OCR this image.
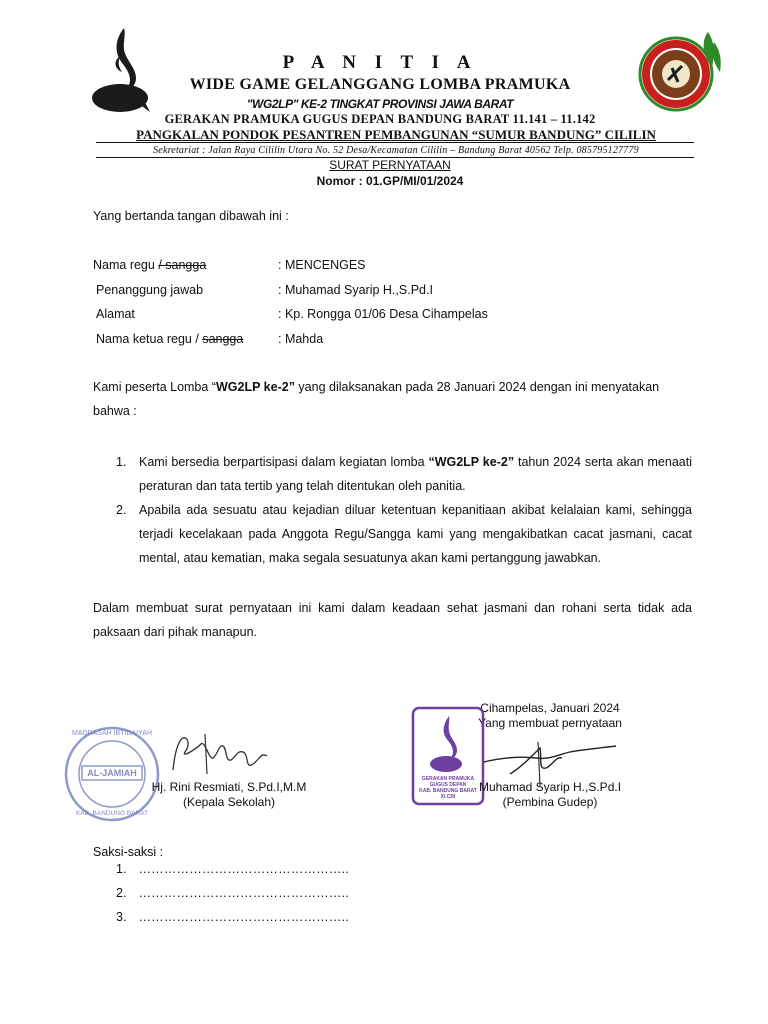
P A N I T I A
WIDE GAME GELANGGANG LOMBA PRAMUKA
"WG2LP" KE-2 TINGKAT PROVINSI JAWA BARAT
GERAKAN PRAMUKA GUGUS DEPAN BANDUNG BARAT 11.141 – 11.142
PANGKALAN PONDOK PESANTREN PEMBANGUNAN “SUMUR BANDUNG” CILILIN
Sekretariat : Jalan Raya Cililin Utara No. 52 Desa/Kecamatan Cililin – Bandung Barat 40562 Telp. 085795127779
SURAT PERNYATAAN
Nomor : 01.GP/MI/01/2024
Yang bertanda tangan dibawah ini :
Nama regu / sangga	: MENCENGES
Penanggung jawab	: Muhamad Syarip H.,S.Pd.I
Alamat	: Kp. Rongga 01/06 Desa Cihampelas
Nama ketua regu / sangga	: Mahda
Kami peserta Lomba “WG2LP ke-2” yang dilaksanakan pada 28 Januari 2024 dengan ini menyatakan bahwa :
1. Kami bersedia berpartisipasi dalam kegiatan lomba “WG2LP ke-2” tahun 2024 serta akan menaati peraturan dan tata tertib yang telah ditentukan oleh panitia.
2. Apabila ada sesuatu atau kejadian diluar ketentuan kepanitiaan akibat kelalaian kami, sehingga terjadi kecelakaan pada Anggota Regu/Sangga kami yang mengakibatkan cacat jasmani, cacat mental, atau kematian, maka segala sesuatunya akan kami pertanggung jawabkan.
Dalam membuat surat pernyataan ini kami dalam keadaan sehat jasmani dan rohani serta tidak ada paksaan dari pihak manapun.
Cihampelas, Januari 2024
Yang membuat pernyataan
MADRASAH IBTIDAIYAH
AL-JAMIAH
KAB. BANDUNG BARAT
Hj. Rini Resmiati, S.Pd.I,M.M
(Kepala Sekolah)
GERAKAN PRAMUKA
GUGUS DEPAN
KAB. BANDUNG BARAT
XI.CRI
Muhamad Syarip H.,S.Pd.I
(Pembina Gudep)
Saksi-saksi :
1. …………………………………………..
2. …………………………………………..
3. …………………………………………..
